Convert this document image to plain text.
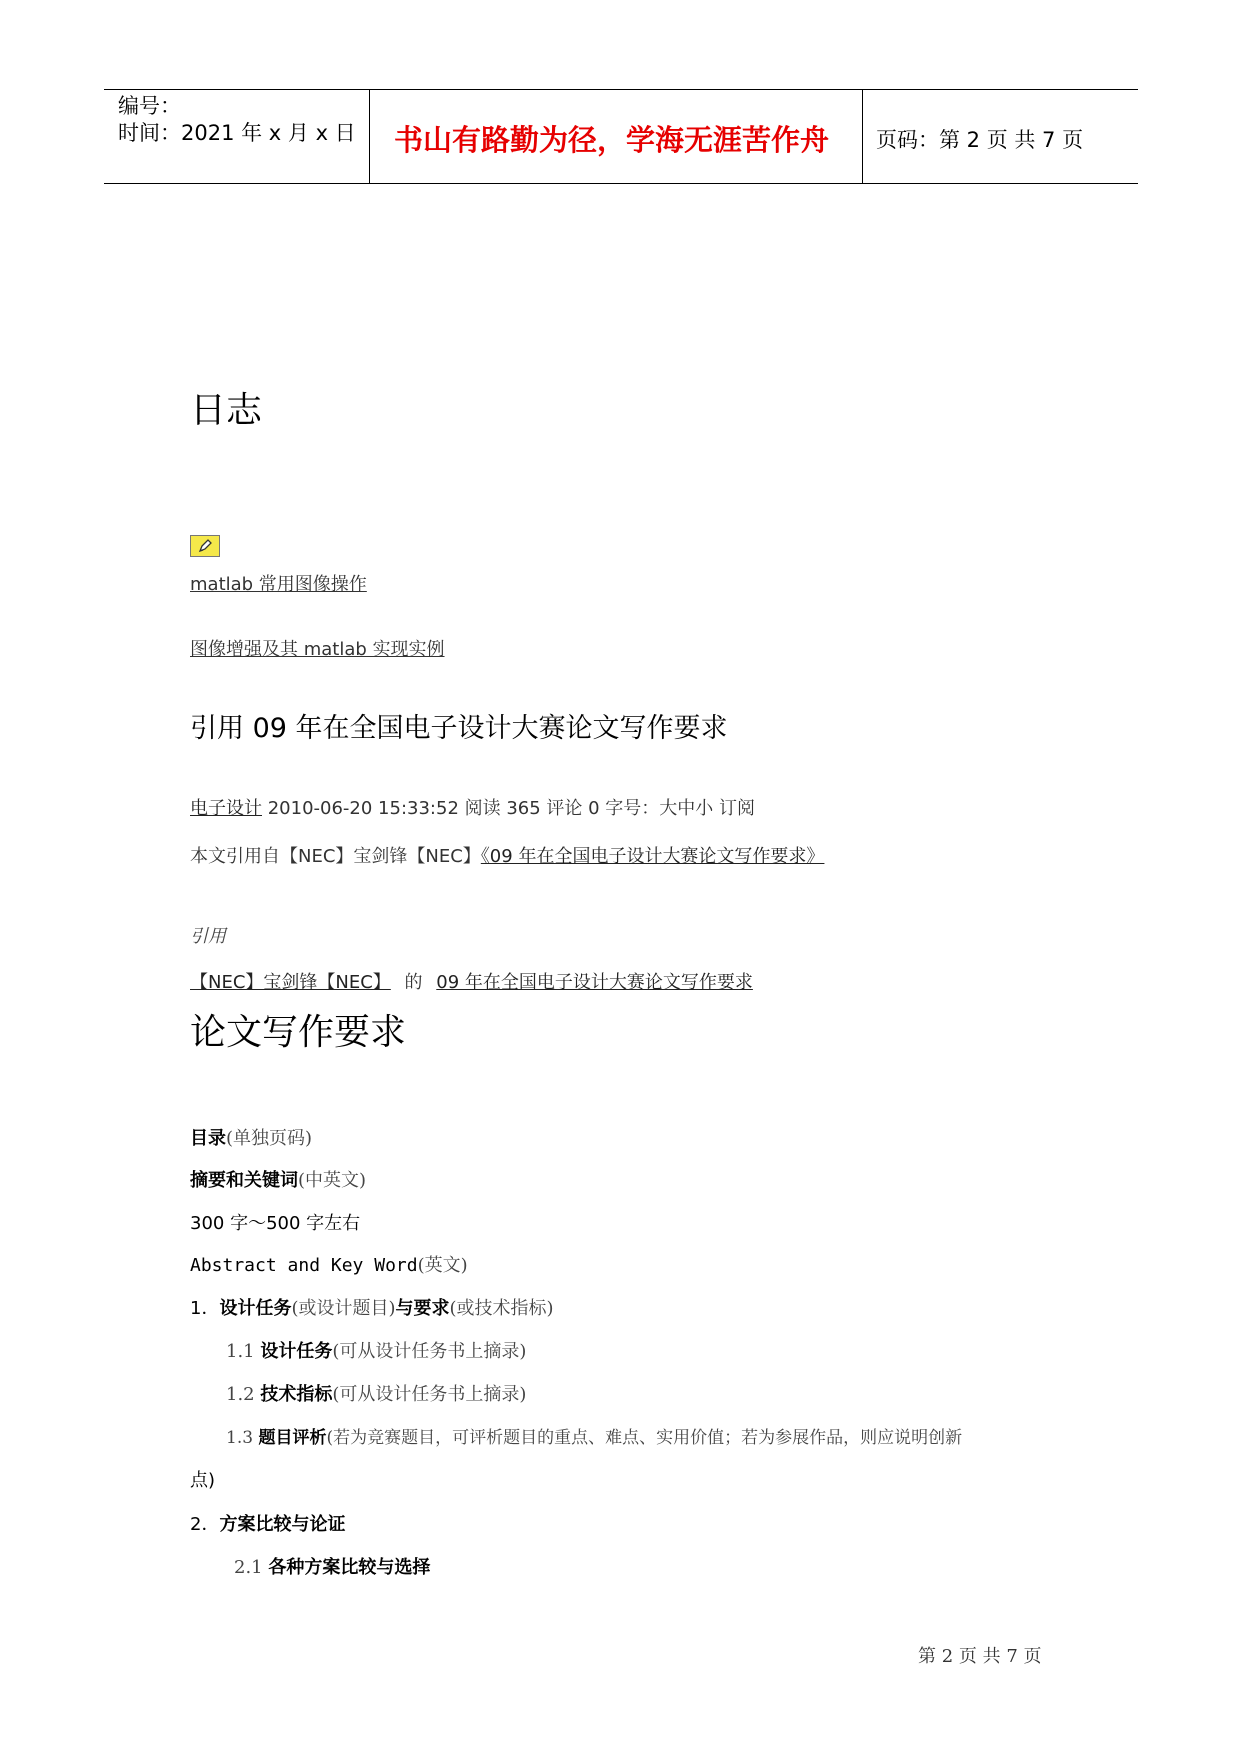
编号：
时间：2021 年 x 月 x 日 书山有路勤为径，学海无涯苦作舟 页码：第 2 页 共 7 页
日志
matlab 常用图像操作
图像增强及其 matlab 实现实例
引用 09 年在全国电子设计大赛论文写作要求
电子设计 2010-06-20 15:33:52 阅读 365 评论 0 字号：大中小 订阅
本文引用自【NEC】宝剑锋【NEC】《09 年在全国电子设计大赛论文写作要求》
引用
【NEC】宝剑锋【NEC】 的 09 年在全国电子设计大赛论文写作要求
论文写作要求
目录(单独页码)
摘要和关键词(中英文)
300 字～500 字左右
Abstract and Key Word(英文)
1．设计任务(或设计题目)与要求(或技术指标)
1.1 设计任务(可从设计任务书上摘录)
1.2 技术指标(可从设计任务书上摘录)
1.3 题目评析(若为竞赛题目，可评析题目的重点、难点、实用价值；若为参展作品，则应说明创新
点)
2．方案比较与论证
2.1 各种方案比较与选择
第 2 页 共 7 页
